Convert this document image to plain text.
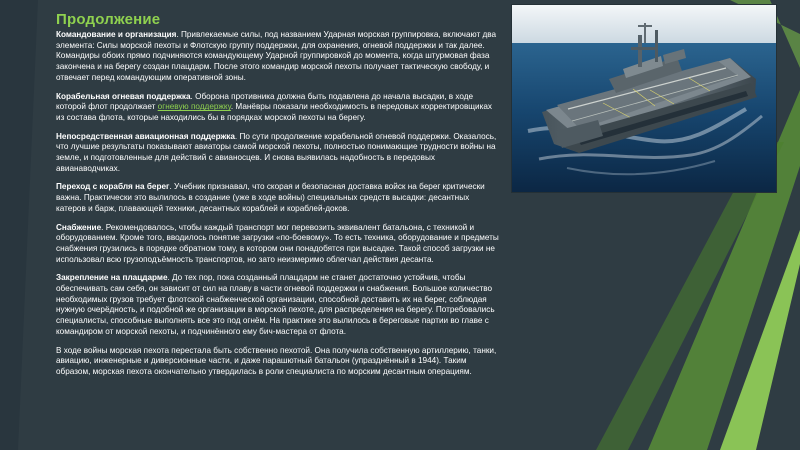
Продолжение

Командование и организация. Привлекаемые силы, под названием Ударная морская группировка, включают два элемента: Силы морской пехоты и Флотскую группу поддержки, для охранения, огневой поддержки и так далее. Командиры обоих прямо подчиняются командующему Ударной группировкой до момента, когда штурмовая фаза закончена и на берегу создан плацдарм. После этого командир морской пехоты получает тактическую свободу, и отвечает перед командующим оперативной зоны.

Корабельная огневая поддержка. Оборона противника должна быть подавлена до начала высадки, в ходе которой флот продолжает огневую поддержку. Манёвры показали необходимость в передовых корректировщиках из состава флота, которые находились бы в порядках морской пехоты на берегу.

Непосредственная авиационная поддержка. По сути продолжение корабельной огневой поддержки. Оказалось, что лучшие результаты показывают авиаторы самой морской пехоты, полностью понимающие трудности войны на земле, и подготовленные для действий с авианосцев. И снова выявилась надобность в передовых авианаводчиках.

Переход с корабля на берег. Учебник признавал, что скорая и безопасная доставка войск на берег критически важна. Практически это вылилось в создание (уже в ходе войны) специальных средств высадки: десантных катеров и барж, плавающей техники, десантных кораблей и кораблей-доков.

Снабжение. Рекомендовалось, чтобы каждый транспорт мог перевозить эквивалент батальона, с техникой и оборудованием. Кроме того, вводилось понятие загрузки «по-боевому». То есть техника, оборудование и предметы снабжения грузились в порядке обратном тому, в котором они понадобятся при высадке. Такой способ загрузки не использовал всю грузоподъёмность транспортов, но зато неизмеримо облегчал действия десанта.

Закрепление на плацдарме. До тех пор, пока созданный плацдарм не станет достаточно устойчив, чтобы обеспечивать сам себя, он зависит от сил на плаву в части огневой поддержки и снабжения. Большое количество необходимых грузов требует флотской снабженческой организации, способной доставить их на берег, соблюдая нужную очерёдность, и подобной же организации в морской пехоте, для распределения на берегу. Потребовались специалисты, способные выполнять все это под огнём. На практике это вылилось в береговые партии во главе с командиром от морской пехоты, и подчинённого ему бич-мастера от флота.

В ходе войны морская пехота перестала быть собственно пехотой. Она получила собственную артиллерию, танки, авиацию, инженерные и диверсионные части, и даже парашютный батальон (упразднённый в 1944). Таким образом, морская пехота окончательно утвердилась в роли специалиста по морским десантным операциям.
